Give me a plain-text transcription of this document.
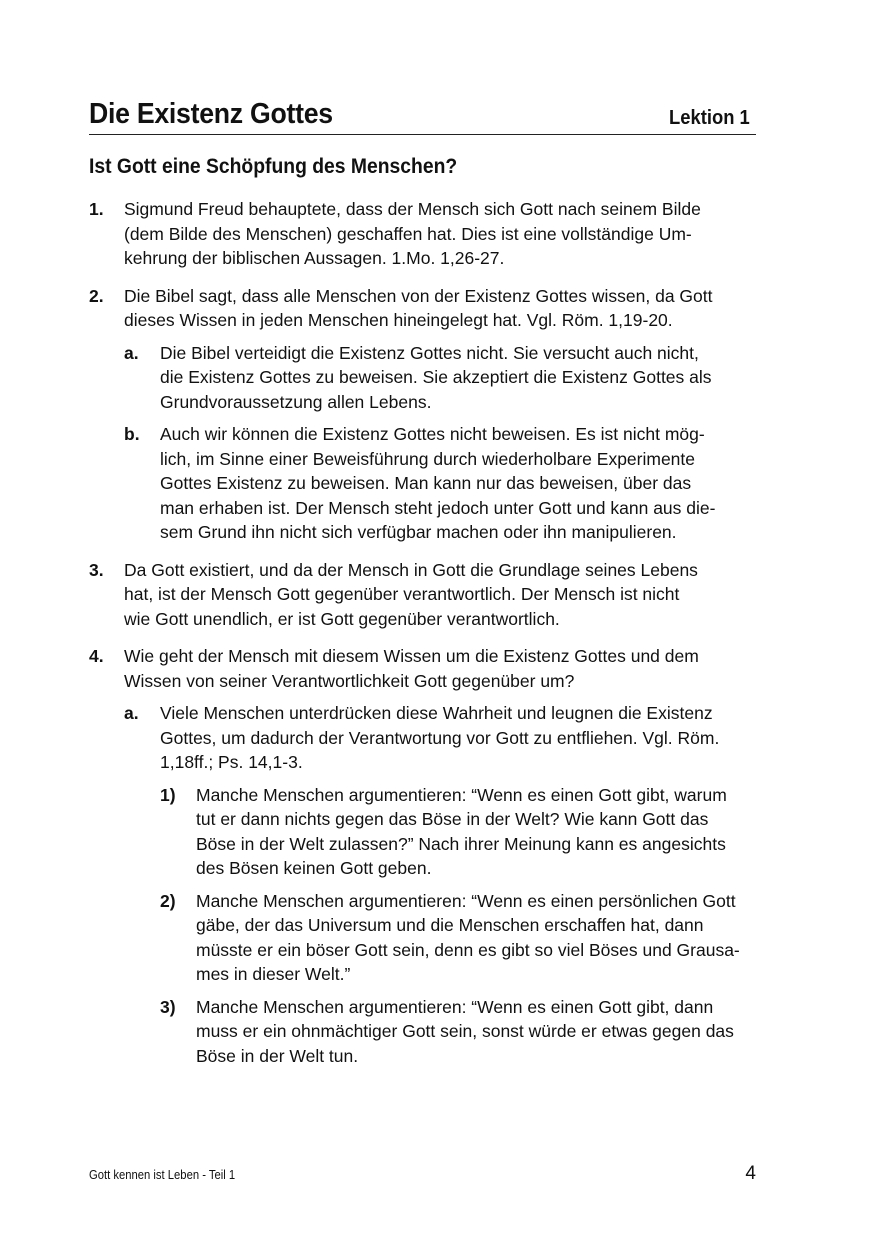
Die Existenz Gottes	Lektion 1
Ist Gott eine Schöpfung des Menschen?
1. Sigmund Freud behauptete, dass der Mensch sich Gott nach seinem Bilde
(dem Bilde des Menschen) geschaffen hat. Dies ist eine vollständige Um-
kehrung der biblischen Aussagen. 1.Mo. 1,26-27.
2. Die Bibel sagt, dass alle Menschen von der Existenz Gottes wissen, da Gott
dieses Wissen in jeden Menschen hineingelegt hat. Vgl. Röm. 1,19-20.
a. Die Bibel verteidigt die Existenz Gottes nicht. Sie versucht auch nicht,
die Existenz Gottes zu beweisen. Sie akzeptiert die Existenz Gottes als
Grundvoraussetzung allen Lebens.
b. Auch wir können die Existenz Gottes nicht beweisen. Es ist nicht mög-
lich, im Sinne einer Beweisführung durch wiederholbare Experimente
Gottes Existenz zu beweisen. Man kann nur das beweisen, über das
man erhaben ist. Der Mensch steht jedoch unter Gott und kann aus die-
sem Grund ihn nicht sich verfügbar machen oder ihn manipulieren.
3. Da Gott existiert, und da der Mensch in Gott die Grundlage seines Lebens
hat, ist der Mensch Gott gegenüber verantwortlich. Der Mensch ist nicht
wie Gott unendlich, er ist Gott gegenüber verantwortlich.
4. Wie geht der Mensch mit diesem Wissen um die Existenz Gottes und dem
Wissen von seiner Verantwortlichkeit Gott gegenüber um?
a. Viele Menschen unterdrücken diese Wahrheit und leugnen die Existenz
Gottes, um dadurch der Verantwortung vor Gott zu entfliehen. Vgl. Röm.
1,18ff.; Ps. 14,1-3.
1) Manche Menschen argumentieren: “Wenn es einen Gott gibt, warum
tut er dann nichts gegen das Böse in der Welt? Wie kann Gott das
Böse in der Welt zulassen?” Nach ihrer Meinung kann es angesichts
des Bösen keinen Gott geben.
2) Manche Menschen argumentieren: “Wenn es einen persönlichen Gott
gäbe, der das Universum und die Menschen erschaffen hat, dann
müsste er ein böser Gott sein, denn es gibt so viel Böses und Grausa-
mes in dieser Welt.”
3) Manche Menschen argumentieren: “Wenn es einen Gott gibt, dann
muss er ein ohnmächtiger Gott sein, sonst würde er etwas gegen das
Böse in der Welt tun.
Gott kennen ist Leben - Teil 1	4
